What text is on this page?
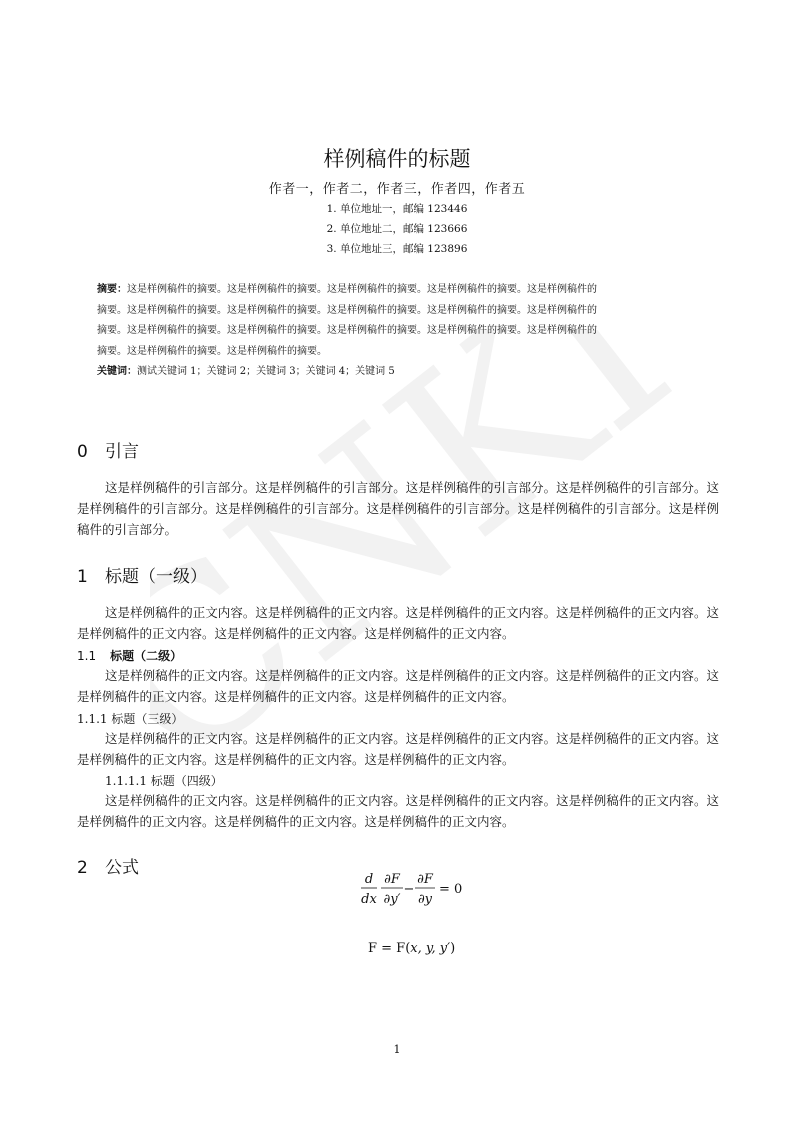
CNKI
样例稿件的标题
作者一，作者二，作者三，作者四，作者五
1. 单位地址一，邮编 123446
2. 单位地址二，邮编 123666
3. 单位地址三，邮编 123896
摘要：这是样例稿件的摘要。这是样例稿件的摘要。这是样例稿件的摘要。这是样例稿件的摘要。这是样例稿件的
摘要。这是样例稿件的摘要。这是样例稿件的摘要。这是样例稿件的摘要。这是样例稿件的摘要。这是样例稿件的
摘要。这是样例稿件的摘要。这是样例稿件的摘要。这是样例稿件的摘要。这是样例稿件的摘要。这是样例稿件的
摘要。这是样例稿件的摘要。这是样例稿件的摘要。
关键词：测试关键词 1；关键词 2；关键词 3；关键词 4；关键词 5
0 引言
这是样例稿件的引言部分。这是样例稿件的引言部分。这是样例稿件的引言部分。这是样例稿件的引言部分。这是样例稿件的引言部分。这是样例稿件的引言部分。这是样例稿件的引言部分。这是样例稿件的引言部分。这是样例稿件的引言部分。
1 标题（一级）
这是样例稿件的正文内容。这是样例稿件的正文内容。这是样例稿件的正文内容。这是样例稿件的正文内容。这是样例稿件的正文内容。这是样例稿件的正文内容。这是样例稿件的正文内容。
1.1 标题（二级）
这是样例稿件的正文内容。这是样例稿件的正文内容。这是样例稿件的正文内容。这是样例稿件的正文内容。这是样例稿件的正文内容。这是样例稿件的正文内容。这是样例稿件的正文内容。
1.1.1 标题（三级）
这是样例稿件的正文内容。这是样例稿件的正文内容。这是样例稿件的正文内容。这是样例稿件的正文内容。这是样例稿件的正文内容。这是样例稿件的正文内容。这是样例稿件的正文内容。
1.1.1.1 标题（四级）
这是样例稿件的正文内容。这是样例稿件的正文内容。这是样例稿件的正文内容。这是样例稿件的正文内容。这是样例稿件的正文内容。这是样例稿件的正文内容。这是样例稿件的正文内容。
2 公式
d
dx
∂F
∂y′
−
∂F
∂y
= 0
F = F(x, y, y′)
1
